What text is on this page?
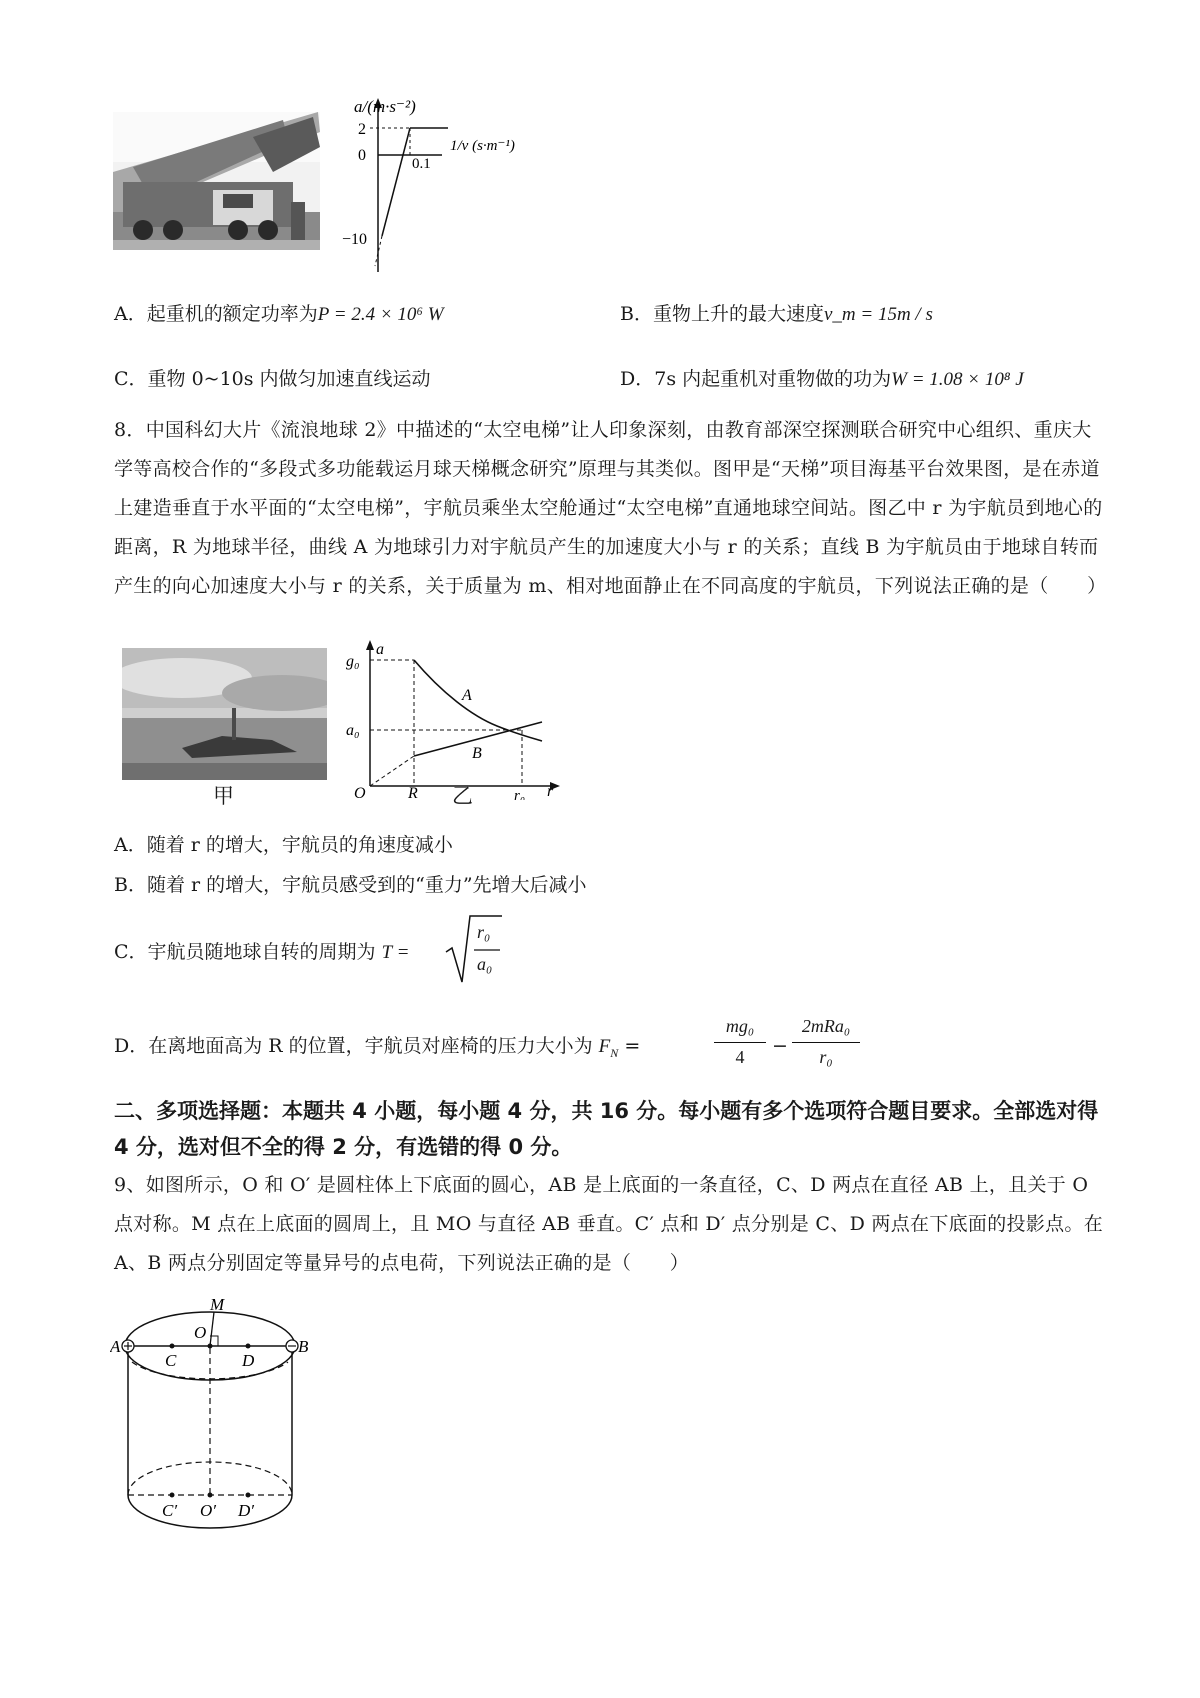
a/(m·s⁻²)
2
0	0.1
1/v (s·m⁻¹)
−10
A．起重机的额定功率为P = 2.4 × 10⁶ W	B．重物上升的最大速度v_m = 15m / s
C．重物 0~10s 内做匀加速直线运动	D．7s 内起重机对重物做的功为W = 1.08 × 10⁸ J
8．中国科幻大片《流浪地球 2》中描述的“太空电梯”让人印象深刻，由教育部深空探测联合研究中心组织、重庆大学等高校合作的“多段式多功能载运月球天梯概念研究”原理与其类似。图甲是“天梯”项目海基平台效果图，是在赤道上建造垂直于水平面的“太空电梯”，宇航员乘坐太空舱通过“太空电梯”直通地球空间站。图乙中 r 为宇航员到地心的距离，R 为地球半径，曲线 A 为地球引力对宇航员产生的加速度大小与 r 的关系；直线 B 为宇航员由于地球自转而产生的向心加速度大小与 r 的关系，关于质量为 m、相对地面静止在不同高度的宇航员，下列说法正确的是（　　）
甲
a
g₀
a₀
A
B
O	R	r₀ r
乙
A．随着 r 的增大，宇航员的角速度减小
B．随着 r 的增大，宇航员感受到的“重力”先增大后减小
C．宇航员随地球自转的周期为 T =
r₀
a₀
D．在离地面高为 R 的位置，宇航员对座椅的压力大小为 $F_N$ =
mg₀
4	−
2mRa₀
r₀
二、多项选择题：本题共 4 小题，每小题 4 分，共 16 分。每小题有多个选项符合题目要求。全部选对得 4 分，选对但不全的得 2 分，有选错的得 0 分。
9、如图所示，O 和 O′ 是圆柱体上下底面的圆心，AB 是上底面的一条直径，C、D 两点在直径 AB 上，且关于 O 点对称。M 点在上底面的圆周上，且 MO 与直径 AB 垂直。C′ 点和 D′ 点分别是 C、D 两点在下底面的投影点。在 A、B 两点分别固定等量异号的点电荷，下列说法正确的是（　　）
M
O
A	B
C	D
C′ O′ D′
